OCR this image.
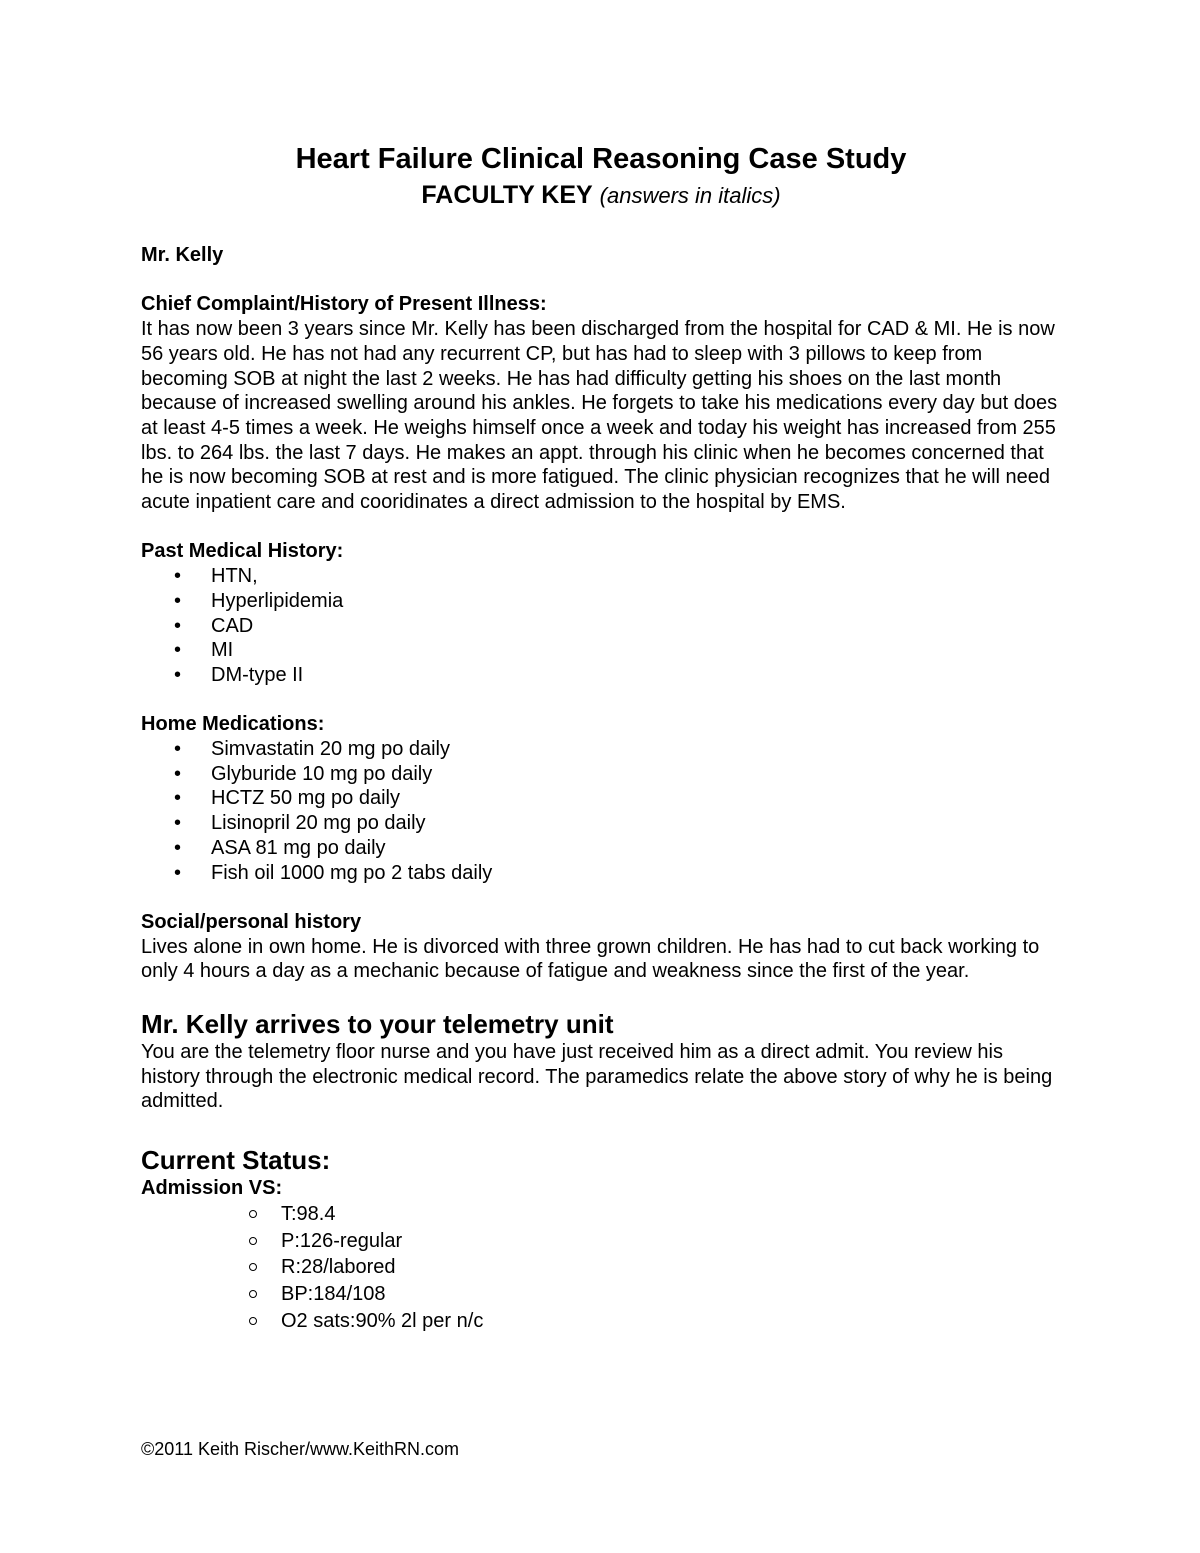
Heart Failure Clinical Reasoning Case Study
FACULTY KEY (answers in italics)
Mr. Kelly
Chief Complaint/History of Present Illness:

It has now been 3 years since Mr. Kelly has been discharged from the hospital for CAD & MI. He is now 56 years old. He has not had any recurrent CP, but has had to sleep with 3 pillows to keep from becoming SOB at night the last 2 weeks. He has had difficulty getting his shoes on the last month because of increased swelling around his ankles. He forgets to take his medications every day but does at least 4-5 times a week. He weighs himself once a week and today his weight has increased from 255 lbs. to 264 lbs. the last 7 days. He makes an appt. through his clinic when he becomes concerned that he is now becoming SOB at rest and is more fatigued. The clinic physician recognizes that he will need acute inpatient care and cooridinates a direct admission to the hospital by EMS.

Past Medical History:
• HTN,
• Hyperlipidemia
• CAD
• MI
• DM-type II
Home Medications:
• Simvastatin 20 mg po daily
• Glyburide 10 mg po daily
• HCTZ 50 mg po daily
• Lisinopril 20 mg po daily
• ASA 81 mg po daily
• Fish oil 1000 mg po 2 tabs daily
Social/personal history

Lives alone in own home. He is divorced with three grown children. He has had to cut back working to only 4 hours a day as a mechanic because of fatigue and weakness since the first of the year.

Mr. Kelly arrives to your telemetry unit

You are the telemetry floor nurse and you have just received him as a direct admit. You review his history through the electronic medical record. The paramedics relate the above story of why he is being admitted.

Current Status:
Admission VS:
T:98.4
P:126-regular
R:28/labored
BP:184/108
O2 sats:90% 2l per n/c
©2011 Keith Rischer/www.KeithRN.com
